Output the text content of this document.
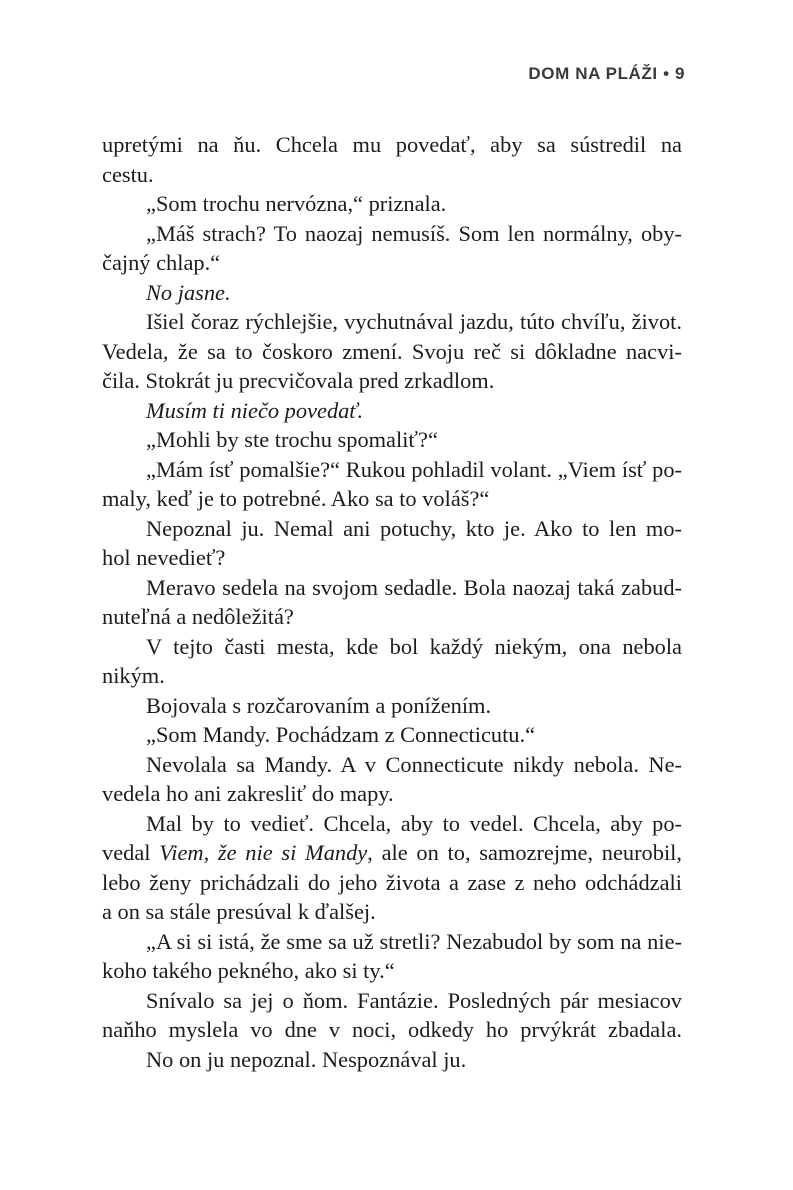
DOM NA PLÁŽI • 9
upretými na ňu. Chcela mu povedať, aby sa sústredil na
cestu.
„Som trochu nervózna,“ priznala.
„Máš strach? To naozaj nemusíš. Som len normálny, oby-
čajný chlap.“
No jasne.
Išiel čoraz rýchlejšie, vychutnával jazdu, túto chvíľu, život.
Vedela, že sa to čoskoro zmení. Svoju reč si dôkladne nacvi-
čila. Stokrát ju precvičovala pred zrkadlom.
Musím ti niečo povedať.
„Mohli by ste trochu spomaliť?“
„Mám ísť pomalšie?“ Rukou pohladil volant. „Viem ísť po-
maly, keď je to potrebné. Ako sa to voláš?“
Nepoznal ju. Nemal ani potuchy, kto je. Ako to len mo-
hol nevedieť?
Meravo sedela na svojom sedadle. Bola naozaj taká zabud-
nuteľná a nedôležitá?
V tejto časti mesta, kde bol každý niekým, ona nebola
nikým.
Bojovala s rozčarovaním a ponížením.
„Som Mandy. Pochádzam z Connecticutu.“
Nevolala sa Mandy. A v Connecticute nikdy nebola. Ne-
vedela ho ani zakresliť do mapy.
Mal by to vedieť. Chcela, aby to vedel. Chcela, aby po-
vedal Viem, že nie si Mandy, ale on to, samozrejme, neurobil,
lebo ženy prichádzali do jeho života a zase z neho odchádzali
a on sa stále presúval k ďalšej.
„A si si istá, že sme sa už stretli? Nezabudol by som na nie-
koho takého pekného, ako si ty.“
Snívalo sa jej o ňom. Fantázie. Posledných pár mesiacov
naňho myslela vo dne v noci, odkedy ho prvýkrát zbadala.
No on ju nepoznal. Nespoznával ju.
